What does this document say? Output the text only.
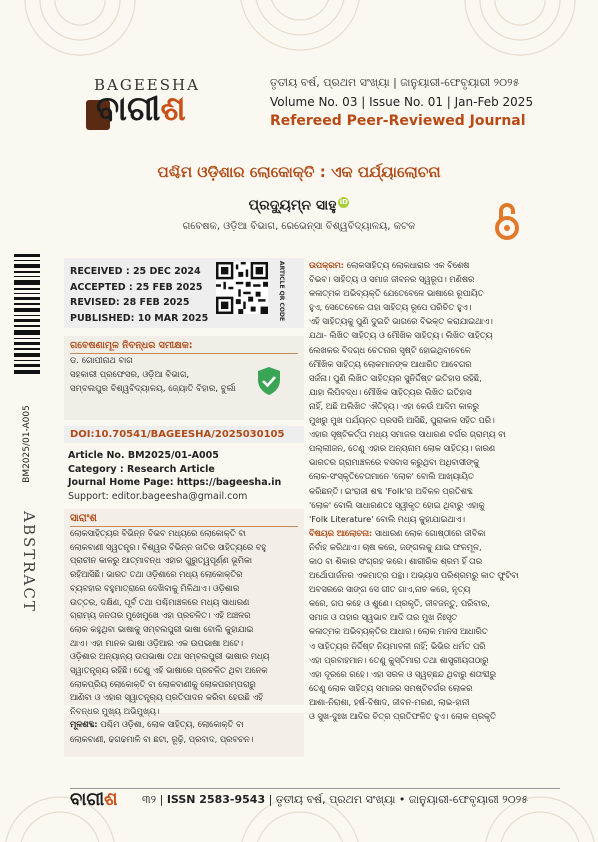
BAGEESHA
ବାଗୀଶ
ତୃତୀୟ ବର୍ଷ, ପ୍ରଥମ ସଂଖ୍ୟା | ଜାନୁୟାରୀ-ଫେବୃୟାରୀ ୨୦୨୫
Volume No. 03 | Issue No. 01 | Jan-Feb 2025
Refereed Peer-Reviewed Journal
ପଶ୍ଚିମ ଓଡ଼ିଶାର ଲୋକୋକ୍ତି : ଏକ ପର୍ଯ୍ୟାଲୋଚନା
ପ୍ରଦ୍ୟୁମ୍ନ ସାହୁ iD
ଗବେଷକ, ଓଡ଼ିଆ ବିଭାଗ, ରେଭେନ୍ସା ବିଶ୍ୱବିଦ୍ୟାଳୟ, କଟକ
BM2025/01-A005
ABSTRACT
RECEIVED : 25 DEC 2024
ACCEPTED : 25 FEB 2025
REVISED: 28 FEB 2025
PUBLISHED: 10 MAR 2025	ARTICLE QR CODE
ଗବେଷଣାମୂଳ ନିବନ୍ଧର ସମୀକ୍ଷକ:
ଡ. ଗୋପୀନାଥ ବାଗ
ସହକାରୀ ପ୍ରଫେସର, ଓଡ଼ିଆ ବିଭାଗ,
ସମ୍ବଲପୁର ବିଶ୍ୱବିଦ୍ୟାଳୟ, ଜ୍ୟୋତି ବିହାର, ବୁର୍ଲା
DOI:10.70541/BAGEESHA/2025030105
Article No. BM2025/01-A005
Category : Research Article
Journal Home Page: https://bageesha.in
Support: editor.bageesha@gmail.com
ସାରାଂଶ
ଲୋକସାହିତ୍ୟର ବିଭିନ୍ନ ବିଭବ ମଧ୍ୟରେ ଲୋକୋକ୍ତି ବା
ଲୋକବାଣୀ ସ୍ୱତନ୍ତ୍ର। ବିଶ୍ୱର ବିଭିନ୍ନ ଜାତିର ସାହିତ୍ୟରେ ବହୁ
ପ୍ରାଚୀନ କାଳରୁ ଆତ୍ମାବନ୍ଧ ଏହାର ଗୁରୁତ୍ୱପୂର୍ଣ୍ଣ ଭୂମିକା
ରହିଆସିଛି। ଭାରତ ତଥା ଓଡ଼ିଶାରେ ମଧ୍ୟ ଲୋକୋକ୍ତିର
ବ୍ୟବହାର ବହୁମାତ୍ରାରେ ଦେଖିବାକୁ ମିଳିଥାଏ। ଓଡ଼ିଶାର
ଉତ୍ତର, ଦକ୍ଷିଣ, ପୂର୍ବ ତଥା ପଶ୍ଚିମାଞ୍ଚଳରେ ମଧ୍ୟ ସାଧାରଣ
ଗ୍ରାମ୍ୟ ଜନତାର ମୁଖେମୁଖେ ଏହା ପ୍ରଚଳିତ। ଏହି ଅଞ୍ଚଳର
ଲୋକ କହୁଥିବା ଭାଷାକୁ ସମ୍ବଲପୁରୀ ଭାଷା ବୋଲି କୁହାଯାଇ
ଥାଏ। ଏହା ମାନକ ଭାଷା ଓଡ଼ିଆର ଏକ ଉପଭାଷା ଅଟେ।
ଓଡ଼ିଶାର ଅନ୍ୟାନ୍ୟ ଉପଭାଷା ତଥା ସମ୍ବଲପୁରୀ ଭାଷାର ମଧ୍ୟ
ସ୍ୱାତନ୍ତ୍ର୍ୟ ରହିଛି। ତେଣୁ ଏହି ଭାଷାରେ ପ୍ରଚଳିତ ଥିବା ଅନେକ
ଲୋକପ୍ରିୟ ଲୋକୋକ୍ତି ବା ଲୋକବାଣୀକୁ ଲୋକପରମ୍ପରାରୁ
ଆଣିବା ଓ ଏହାର ସ୍ୱାତନ୍ତ୍ର୍ୟ ପ୍ରତିପାଦନ କରିବା ହେଉଛି ଏହି
ନିବନ୍ଧର ମୁଖ୍ୟ ଅଭିମୁଖ୍ୟ।
ମୂଳଶବ୍ଦ: ପଶ୍ଚିମ ଓଡ଼ିଶା, ଲୋକ ସାହିତ୍ୟ, ଲୋକୋକ୍ତି ବା
ଲୋକବାଣୀ, ଢଗଢମାଳି ବା ଛଟା, ରୂଢ଼ି, ପ୍ରବାଦ, ପ୍ରବଚନ।
ଉପକ୍ରମ: ଲୋକସାହିତ୍ୟ ଲୋକଧାରାର ଏକ ବିଶେଷ
ବିଭବ। ସାହିତ୍ୟ ଓ ସମାଜ ଜୀବନର ସ୍ୱରୂପ। ମଣିଷର
କଳାତ୍ମକ ଅଭିବ୍ୟକ୍ତି ଯେତେବେଳେ ଭାଷାରେ ରୂପାୟିତ
ହୁଏ, ସେତେବେଳେ ତାହା ସାହିତ୍ୟ ରୂପେ ପରିଚିତ ହୁଏ।
ଏହି ସାହିତ୍ୟକୁ ପୁଣି ଦୁଇଟି ଭାଗରେ ବିଭକ୍ତ କରାଯାଇଥାଏ।
ଯଥା- ଲିଖିତ ସାହିତ୍ୟ ଓ ମୌଖିକ ସାହିତ୍ୟ। ଲିଖିତ ସାହିତ୍ୟ
ଲେଖକର ବିଦଗ୍ଧ ଚେତନାର ସୃଷ୍ଟି ହୋଇଥିବାବେଳେ
ମୌଖିକ ସାହିତ୍ୟ ଲୋକମାନଙ୍କ ଆଧାରିତ ଆବେଗର
ସର୍ଜନା। ପୁଣି ଲିଖିତ ସାହିତ୍ୟର ସୁନିର୍ଦ୍ଦିଷ୍ଟ ଇତିହାସ ରହିଛି,
ଯାହା ଲିପିବଦ୍ଧ। ମୌଖିକ ସାହିତ୍ୟର ଲିଖିତ ଇତିହାସ
ନାହିଁ, ଅଛି ଅଲିଖିତ ଐତିହ୍ୟ। ଏହା କେଉଁ ଆଦିମ କାଳରୁ
ମୁଖରୁ ମୁଖ ପର୍ଯ୍ୟନ୍ତ ପ୍ରସରି ଆସିଛି, ପୁରାକାଳ ସହିତ ପରି।
ଏହାର ସୃଷ୍ଟିକର୍ତ୍ତା ମଧ୍ୟ ସମାଜର ସାଧାରଣ ବର୍ଗର ଗ୍ରାମ୍ୟ ବା
ପଲ୍ଲୀଜନ, ତେଣୁ ଏହାର ଅନ୍ୟନାମ ଲୋକ ସାହିତ୍ୟ। ଜାରଣ
ଭାରତର ଗ୍ରାମାଞ୍ଚଳରେ ବସବାସ କରୁଥିବା ଅଧିବାସୀଙ୍କୁ
ଲୋକ-ସଂସ୍କୃତିବେତାମାନେ 'ଲୋକ' ବୋଲି ଆଖ୍ୟାୟିତ
କରିଛନ୍ତି। ଇଂରାଜୀ ଶବ୍ଦ 'Folk'ର ଅବିକଳ ପ୍ରତିଶବ୍ଦ
'ଲୋକ' ବୋଲି ସାଧାରଣତଃ ସ୍ୱୀକୃତ ହୋଇ ଥିବାରୁ ଏହାକୁ
'Folk Literature' ବୋଲି ମଧ୍ୟ କୁହାଯାଇଥାଏ।
ବିଷୟର ଆଲୋଚନା: ସାଧାରଣ ଲୋକ ଗୋଷ୍ଠୀରେ ଜୀବିକା
ନିର୍ବାହ କରିଥାଏ। ଚାଷ କରେ, ଜଙ୍ଗଲକୁ ଯାଇ ଫଳମୂଳ,
କାଠ ବା ଶିକାର ସଂଗ୍ରହ କରେ। ଶାରୀରିକ ଶ୍ରମ ହିଁ ତାର
ଅର୍ଥୋପାର୍ଜନର ଏକମାତ୍ର ପନ୍ଥା। ଅଭ୍ୟାସ ପରିଶ୍ରମରୁ କାତ ଫୁଟିବା
ଅବସରରେ ସାଙ୍ଗ ସେ ଗୀତ ଗାଏ,ନାଚ କରେ, ନୃତ୍ୟ
କରେ, ଗପ କହେ ଓ ଶୁଣେ। ପ୍ରକୃତି, ଜୀବଜନ୍ତୁ, ପରିବାର,
ସମାଜ ଓ ତାହାର ସ୍ୱଭାବ ଆଦି ତାର ମୁଖ ନିଃସୃତ
କଳାତ୍ମକ ଅଭିବ୍ୟକ୍ତିର ଆଧାର। ଲୋକ ମାନସ ଆଧାରିତ
ଏ ସାହିତ୍ୟର ନିର୍ଦ୍ଦିଷ୍ଟ ନିୟମାବଳୀ ନାହିଁ; ଭିଭିର ଧର୍ମତ ପରି
ଏହା ପ୍ରବାହମାନ। ତେଣୁ କୁସ୍ତିମାରା ତଥା ଶାସ୍ତ୍ରୀୟତାଠାରୁ
ଏହା ଦୂରରେ ରହେ। ଏହା ସରଳ ଓ ସ୍ୱଚ୍ଛନ୍ଦ ଥିବାରୁ ଶତାବ୍ଦୀରୁ
ତେଣୁ ଲୋକ ସାହିତ୍ୟ ସମାଜର ସମଷ୍ଟିବର୍ଗର ଲୋକର
ଆଶା-ନିରାଶା, ହର୍ଷ-ବିଷାଦ, ଜୀବନ-ମରଣ, ଲାଭ-ହାନୀ
ଓ ସୁଖ-ଦୁଃଖ ଆଦିର ଚିତ୍ର ପ୍ରତିଫଳିତ ହୁଏ। ଲୋକ ପ୍ରକୃତି
ବାଗୀଶ ୩୨ | ISSN 2583-9543 | ତୃତୀୟ ବର୍ଷ, ପ୍ରଥମ ସଂଖ୍ୟା • ଜାନୁୟାରୀ-ଫେବୃୟାରୀ ୨୦୨୫
